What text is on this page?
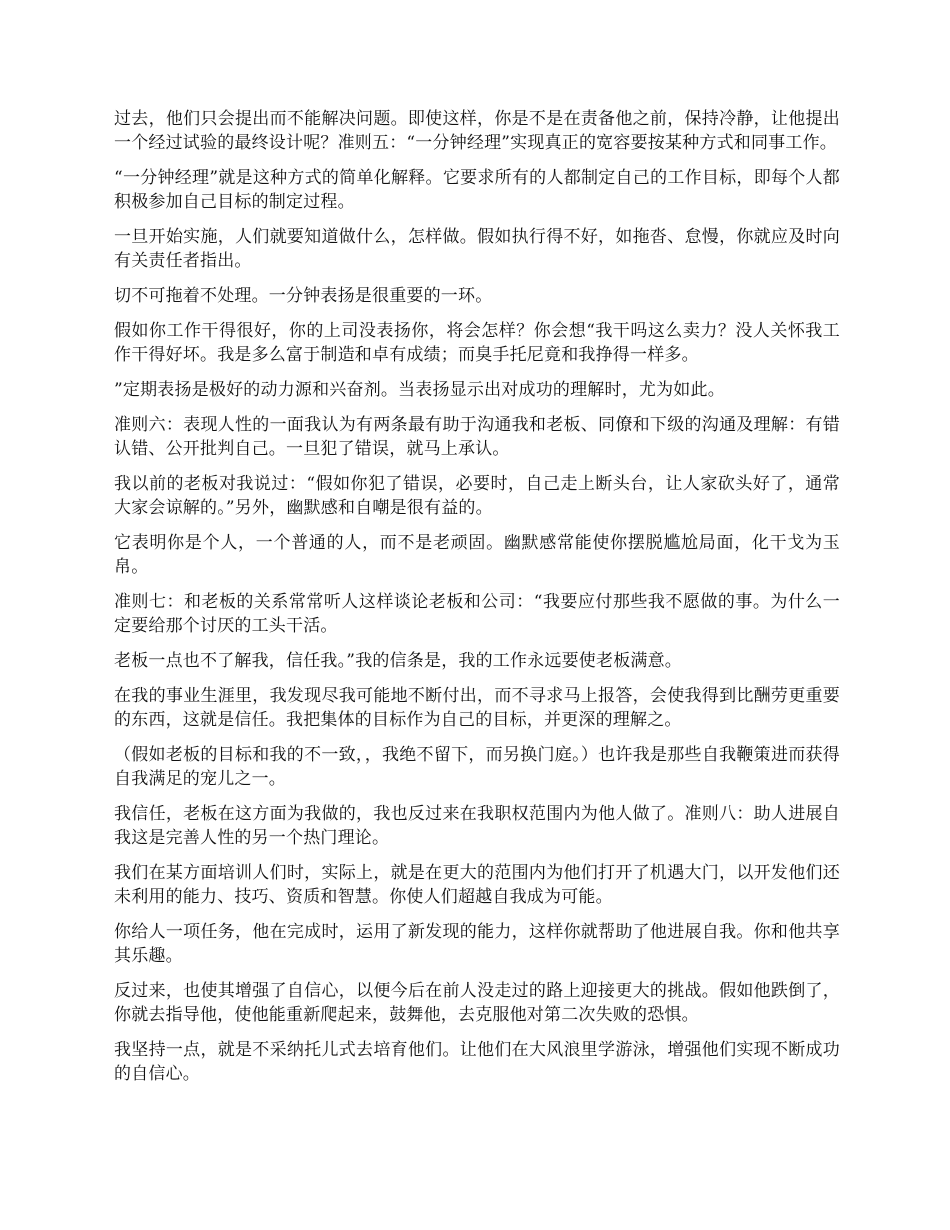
过去，他们只会提出而不能解决问题。即使这样，你是不是在责备他之前，保持冷静，让他提出一个经过试验的最终设计呢？准则五：“一分钟经理”实现真正的宽容要按某种方式和同事工作。

“一分钟经理”就是这种方式的简单化解释。它要求所有的人都制定自己的工作目标，即每个人都积极参加自己目标的制定过程。

一旦开始实施，人们就要知道做什么，怎样做。假如执行得不好，如拖沓、怠慢，你就应及时向有关责任者指出。

切不可拖着不处理。一分钟表扬是很重要的一环。

假如你工作干得很好，你的上司没表扬你，将会怎样？你会想“我干吗这么卖力？没人关怀我工作干得好坏。我是多么富于制造和卓有成绩；而臭手托尼竟和我挣得一样多。

”定期表扬是极好的动力源和兴奋剂。当表扬显示出对成功的理解时，尤为如此。

准则六：表现人性的一面我认为有两条最有助于沟通我和老板、同僚和下级的沟通及理解：有错认错、公开批判自己。一旦犯了错误，就马上承认。

我以前的老板对我说过：“假如你犯了错误，必要时，自己走上断头台，让人家砍头好了，通常大家会谅解的。”另外，幽默感和自嘲是很有益的。

它表明你是个人，一个普通的人，而不是老顽固。幽默感常能使你摆脱尴尬局面，化干戈为玉帛。

准则七：和老板的关系常常听人这样谈论老板和公司：“我要应付那些我不愿做的事。为什么一定要给那个讨厌的工头干活。

老板一点也不了解我，信任我。”我的信条是，我的工作永远要使老板满意。

在我的事业生涯里，我发现尽我可能地不断付出，而不寻求马上报答，会使我得到比酬劳更重要的东西，这就是信任。我把集体的目标作为自己的目标，并更深的理解之。

（假如老板的目标和我的不一致，，我绝不留下，而另换门庭。）也许我是那些自我鞭策进而获得自我满足的宠儿之一。

我信任，老板在这方面为我做的，我也反过来在我职权范围内为他人做了。准则八：助人进展自我这是完善人性的另一个热门理论。

我们在某方面培训人们时，实际上，就是在更大的范围内为他们打开了机遇大门，以开发他们还未利用的能力、技巧、资质和智慧。你使人们超越自我成为可能。

你给人一项任务，他在完成时，运用了新发现的能力，这样你就帮助了他进展自我。你和他共享其乐趣。

反过来，也使其增强了自信心，以便今后在前人没走过的路上迎接更大的挑战。假如他跌倒了，你就去指导他，使他能重新爬起来，鼓舞他，去克服他对第二次失败的恐惧。

我坚持一点，就是不采纳托儿式去培育他们。让他们在大风浪里学游泳，增强他们实现不断成功的自信心。
